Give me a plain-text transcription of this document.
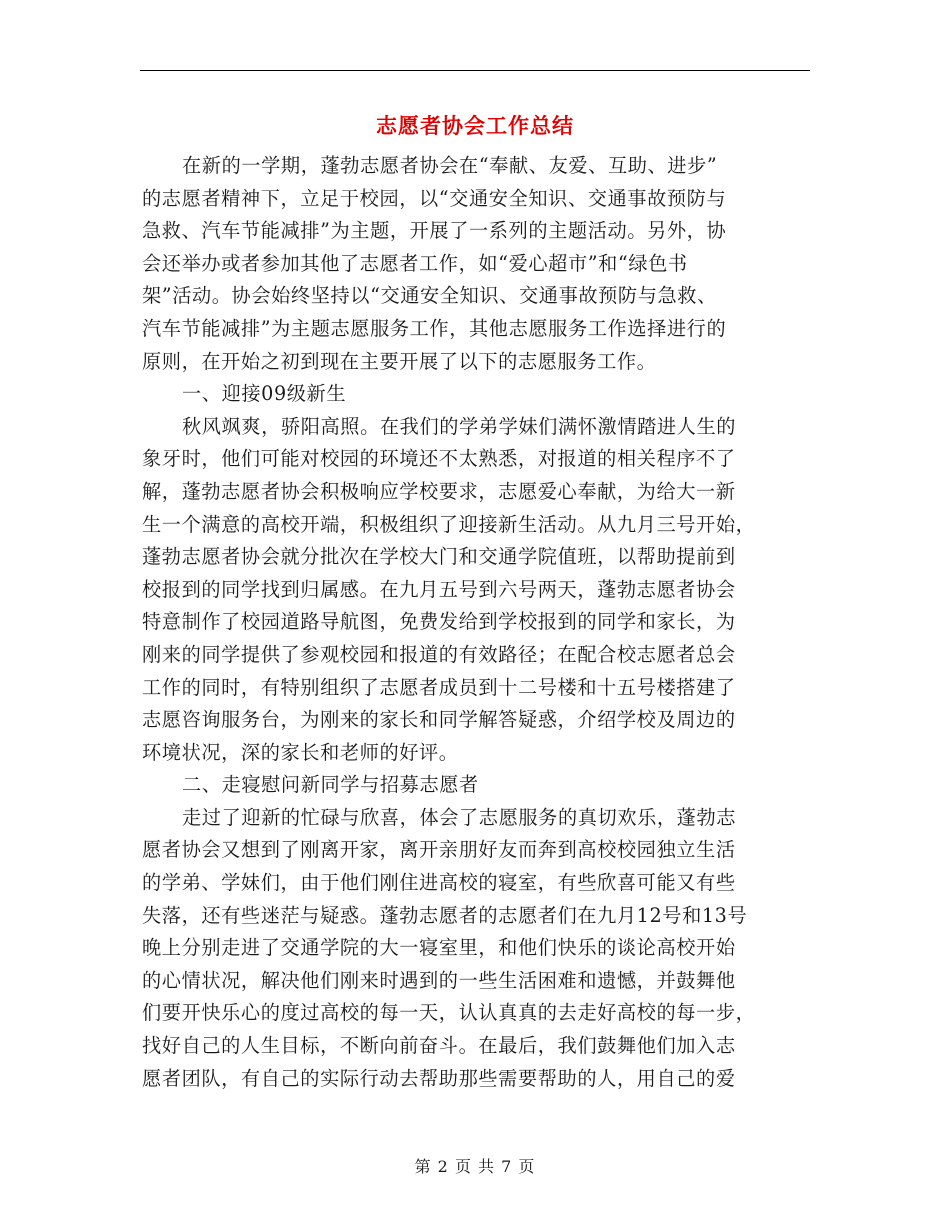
志愿者协会工作总结
在新的一学期，蓬勃志愿者协会在“奉献、友爱、互助、进步”
的志愿者精神下，立足于校园，以“交通安全知识、交通事故预防与
急救、汽车节能减排”为主题，开展了一系列的主题活动。另外，协
会还举办或者参加其他了志愿者工作，如“爱心超市”和“绿色书
架”活动。协会始终坚持以“交通安全知识、交通事故预防与急救、
汽车节能减排”为主题志愿服务工作，其他志愿服务工作选择进行的
原则，在开始之初到现在主要开展了以下的志愿服务工作。
一、迎接09级新生
秋风飒爽，骄阳高照。在我们的学弟学妹们满怀激情踏进人生的
象牙时，他们可能对校园的环境还不太熟悉，对报道的相关程序不了
解，蓬勃志愿者协会积极响应学校要求，志愿爱心奉献，为给大一新
生一个满意的高校开端，积极组织了迎接新生活动。从九月三号开始，
蓬勃志愿者协会就分批次在学校大门和交通学院值班，以帮助提前到
校报到的同学找到归属感。在九月五号到六号两天，蓬勃志愿者协会
特意制作了校园道路导航图，免费发给到学校报到的同学和家长，为
刚来的同学提供了参观校园和报道的有效路径；在配合校志愿者总会
工作的同时，有特别组织了志愿者成员到十二号楼和十五号楼搭建了
志愿咨询服务台，为刚来的家长和同学解答疑惑，介绍学校及周边的
环境状况，深的家长和老师的好评。
二、走寝慰问新同学与招募志愿者
走过了迎新的忙碌与欣喜，体会了志愿服务的真切欢乐，蓬勃志
愿者协会又想到了刚离开家，离开亲朋好友而奔到高校校园独立生活
的学弟、学妹们，由于他们刚住进高校的寝室，有些欣喜可能又有些
失落，还有些迷茫与疑惑。蓬勃志愿者的志愿者们在九月12号和13号
晚上分别走进了交通学院的大一寝室里，和他们快乐的谈论高校开始
的心情状况，解决他们刚来时遇到的一些生活困难和遗憾，并鼓舞他
们要开快乐心的度过高校的每一天，认认真真的去走好高校的每一步，
找好自己的人生目标，不断向前奋斗。在最后，我们鼓舞他们加入志
愿者团队，有自己的实际行动去帮助那些需要帮助的人，用自己的爱
第 2 页 共 7 页
